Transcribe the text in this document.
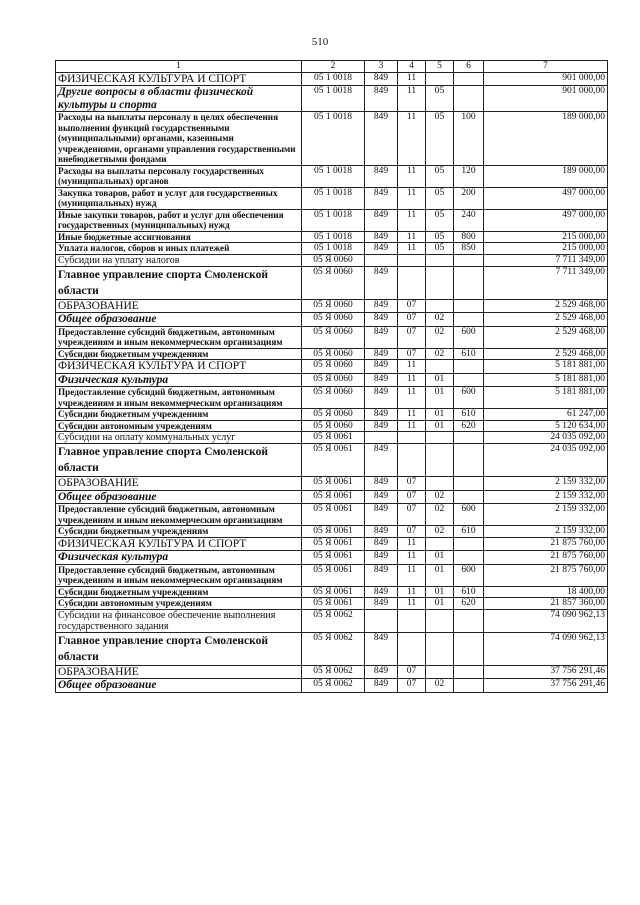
510
1	2	3	4	5	6	7
ФИЗИЧЕСКАЯ КУЛЬТУРА И СПОРТ	05 1 0018	849	11			901 000,00
Другие вопросы в области физической культуры и спорта	05 1 0018	849	11	05		901 000,00
Расходы на выплаты персоналу в целях обеспечения выполнения функций государственными (муниципальными) органами, казенными учреждениями, органами управления государственными внебюджетными фондами	05 1 0018	849	11	05	100	189 000,00
Расходы на выплаты персоналу государственных (муниципальных) органов	05 1 0018	849	11	05	120	189 000,00
Закупка товаров, работ и услуг для государственных (муниципальных) нужд	05 1 0018	849	11	05	200	497 000,00
Иные закупки товаров, работ и услуг для обеспечения государственных (муниципальных) нужд	05 1 0018	849	11	05	240	497 000,00
Иные бюджетные ассигнования	05 1 0018	849	11	05	800	215 000,00
Уплата налогов, сборов и иных платежей	05 1 0018	849	11	05	850	215 000,00
Субсидии на уплату налогов	05 Я 0060					7 711 349,00
Главное управление спорта Смоленской области	05 Я 0060	849				7 711 349,00
ОБРАЗОВАНИЕ	05 Я 0060	849	07			2 529 468,00
Общее образование	05 Я 0060	849	07	02		2 529 468,00
Предоставление субсидий бюджетным, автономным учреждениям и иным некоммерческим организациям	05 Я 0060	849	07	02	600	2 529 468,00
Субсидии бюджетным учреждениям	05 Я 0060	849	07	02	610	2 529 468,00
ФИЗИЧЕСКАЯ КУЛЬТУРА И СПОРТ	05 Я 0060	849	11			5 181 881,00
Физическая культура	05 Я 0060	849	11	01		5 181 881,00
Предоставление субсидий бюджетным, автономным учреждениям и иным некоммерческим организациям	05 Я 0060	849	11	01	600	5 181 881,00
Субсидии бюджетным учреждениям	05 Я 0060	849	11	01	610	61 247,00
Субсидии автономным учреждениям	05 Я 0060	849	11	01	620	5 120 634,00
Субсидии на оплату коммунальных услуг	05 Я 0061					24 035 092,00
Главное управление спорта Смоленской области	05 Я 0061	849				24 035 092,00
ОБРАЗОВАНИЕ	05 Я 0061	849	07			2 159 332,00
Общее образование	05 Я 0061	849	07	02		2 159 332,00
Предоставление субсидий бюджетным, автономным учреждениям и иным некоммерческим организациям	05 Я 0061	849	07	02	600	2 159 332,00
Субсидии бюджетным учреждениям	05 Я 0061	849	07	02	610	2 159 332,00
ФИЗИЧЕСКАЯ КУЛЬТУРА И СПОРТ	05 Я 0061	849	11			21 875 760,00
Физическая культура	05 Я 0061	849	11	01		21 875 760,00
Предоставление субсидий бюджетным, автономным учреждениям и иным некоммерческим организациям	05 Я 0061	849	11	01	600	21 875 760,00
Субсидии бюджетным учреждениям	05 Я 0061	849	11	01	610	18 400,00
Субсидии автономным учреждениям	05 Я 0061	849	11	01	620	21 857 360,00
Субсидии на финансовое обеспечение выполнения государственного задания	05 Я 0062					74 090 962,13
Главное управление спорта Смоленской области	05 Я 0062	849				74 090 962,13
ОБРАЗОВАНИЕ	05 Я 0062	849	07			37 756 291,46
Общее образование	05 Я 0062	849	07	02		37 756 291,46
